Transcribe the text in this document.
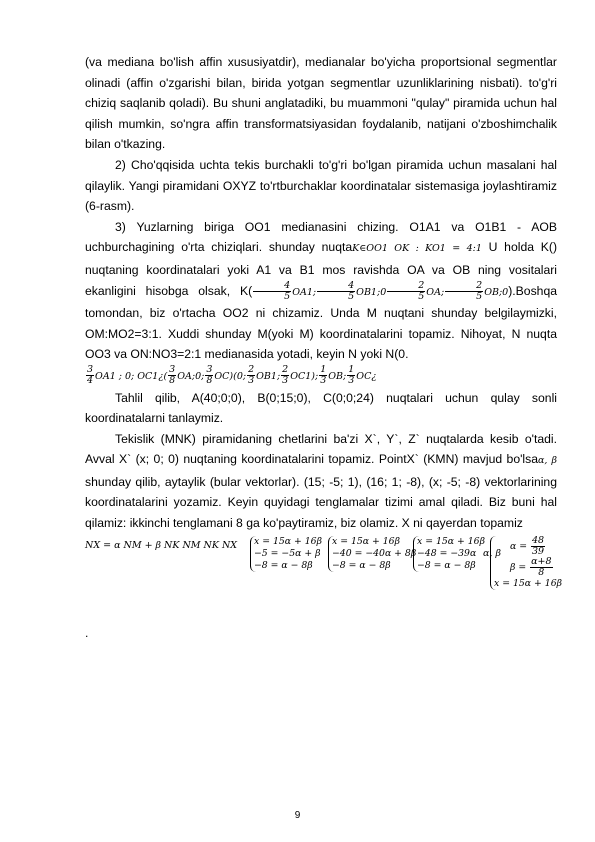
(va mediana bo'lish affin xususiyatdir), medianalar bo'yicha proportsional segmentlar olinadi (affin o'zgarishi bilan, birida yotgan segmentlar uzunliklarining nisbati). to'g'ri chiziq saqlanib qoladi). Bu shuni anglatadiki, bu muammoni "qulay" piramida uchun hal qilish mumkin, so'ngra affin transformatsiyasidan foydalanib, natijani o'zboshimchalik bilan o'tkazing.

2) Cho'qqisida uchta tekis burchakli to'g'ri bo'lgan piramida uchun masalani hal qilaylik. Yangi piramidani OXYZ to'rtburchaklar koordinatalar sistemasiga joylashtiramiz (6-rasm).

3) Yuzlarning biriga OO1 medianasini chizing. O1A1 va O1B1 - AOB uchburchagining o'rta chiziqlari. shunday nuqtaK∈OO1 OK : KO1 = 4:1 U holda K() nuqtaning koordinatalari yoki A1 va B1 mos ravishda OA va OB ning vositalari ekanligini hisobga olsak, $K( \frac{4}{5} OA1$; $\frac{4}{5}$ OB1;0 $\frac{2}{5}$ OA; $\frac{2}{5}$ OB;0).Boshqa tomondan, biz o'rtacha OO2 ni chizamiz. Unda M nuqtani shunday belgilaymizki, OM:MO2=3:1. Xuddi shunday M(yoki M) koordinatalarini topamiz. Nihoyat, N nuqta OO3 va ON:NO3=2:1 medianasida yotadi, keyin N yoki N(0.

$\frac{3}{4} OA1$ ; 0; OC1¿( $\frac{3}{8}$ OA;0; $\frac{3}{8} OC)(0$; $\frac{2}{3} OB1$; $\frac{2}{3} OC1$); $\frac{1}{3}$ OB; $\frac{1}{3}$ OC¿

Tahlil qilib, A(40;0;0), B(0;15;0), C(0;0;24) nuqtalari uchun qulay sonli koordinatalarni tanlaymiz.

Tekislik (MNK) piramidaning chetlarini ba'zi X`, Y`, Z` nuqtalarda kesib o'tadi. Avval X` (x; 0; 0) nuqtaning koordinatalarini topamiz. PointX` (KMN) mavjud bo'lsaα, β shunday qilib, aytaylik (bular vektorlar). (15; -5; 1), (16; 1; -8), (x; -5; -8) vektorlarining koordinatalarini yozamiz. Keyin quyidagi tenglamalar tizimi amal qiladi. Biz buni hal qilamiz: ikkinchi tenglamani 8 ga ko'paytiramiz, biz olamiz. X ni qayerdan topamiz

NX = α NM + β NK NM NK NX x = 15α + 16β
−5 = −5α + β
−8 = α − 8β
x = 15α + 16β
−40 = −40α + 8β
−8 = α − 8β
x = 15α + 16β
−48 = −39α
−8 = α − 8β
α, β
$\alpha = \frac{48}{39}$
$\beta = \frac{\alpha+8}{8}$
x = 15α + 16β

.

9
